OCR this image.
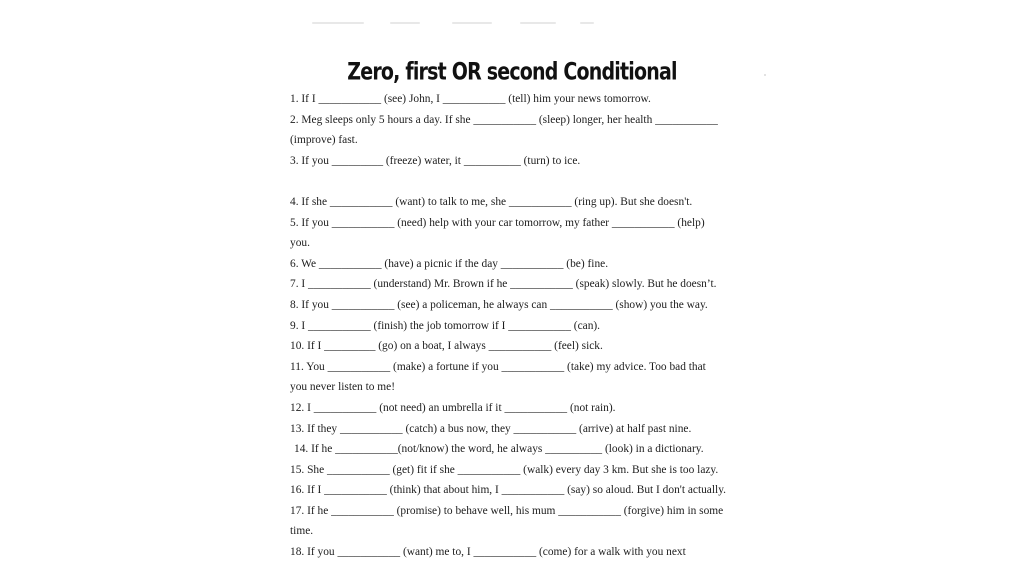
Zero, first OR second Conditional
1. If I ___________ (see) John, I ___________ (tell) him your news tomorrow.
2. Meg sleeps only 5 hours a day. If she ___________ (sleep) longer, her health ___________
(improve) fast.
3. If you _________ (freeze) water, it __________ (turn) to ice.
4. If she ___________ (want) to talk to me, she ___________ (ring up). But she doesn't.
5. If you ___________ (need) help with your car tomorrow, my father ___________ (help)
you.
6. We ___________ (have) a picnic if the day ___________ (be) fine.
7. I ___________ (understand) Mr. Brown if he ___________ (speak) slowly. But he doesn’t.
8. If you ___________ (see) a policeman, he always can ___________ (show) you the way.
9. I ___________ (finish) the job tomorrow if I ___________ (can).
10. If I _________ (go) on a boat, I always ___________ (feel) sick.
11. You ___________ (make) a fortune if you ___________ (take) my advice. Too bad that
you never listen to me!
12. I ___________ (not need) an umbrella if it ___________ (not rain).
13. If they ___________ (catch) a bus now, they ___________ (arrive) at half past nine.
14. If he ___________(not/know) the word, he always __________ (look) in a dictionary.
15. She ___________ (get) fit if she ___________ (walk) every day 3 km. But she is too lazy.
16. If I ___________ (think) that about him, I ___________ (say) so aloud. But I don't actually.
17. If he ___________ (promise) to behave well, his mum ___________ (forgive) him in some
time.
18. If you ___________ (want) me to, I ___________ (come) for a walk with you next
